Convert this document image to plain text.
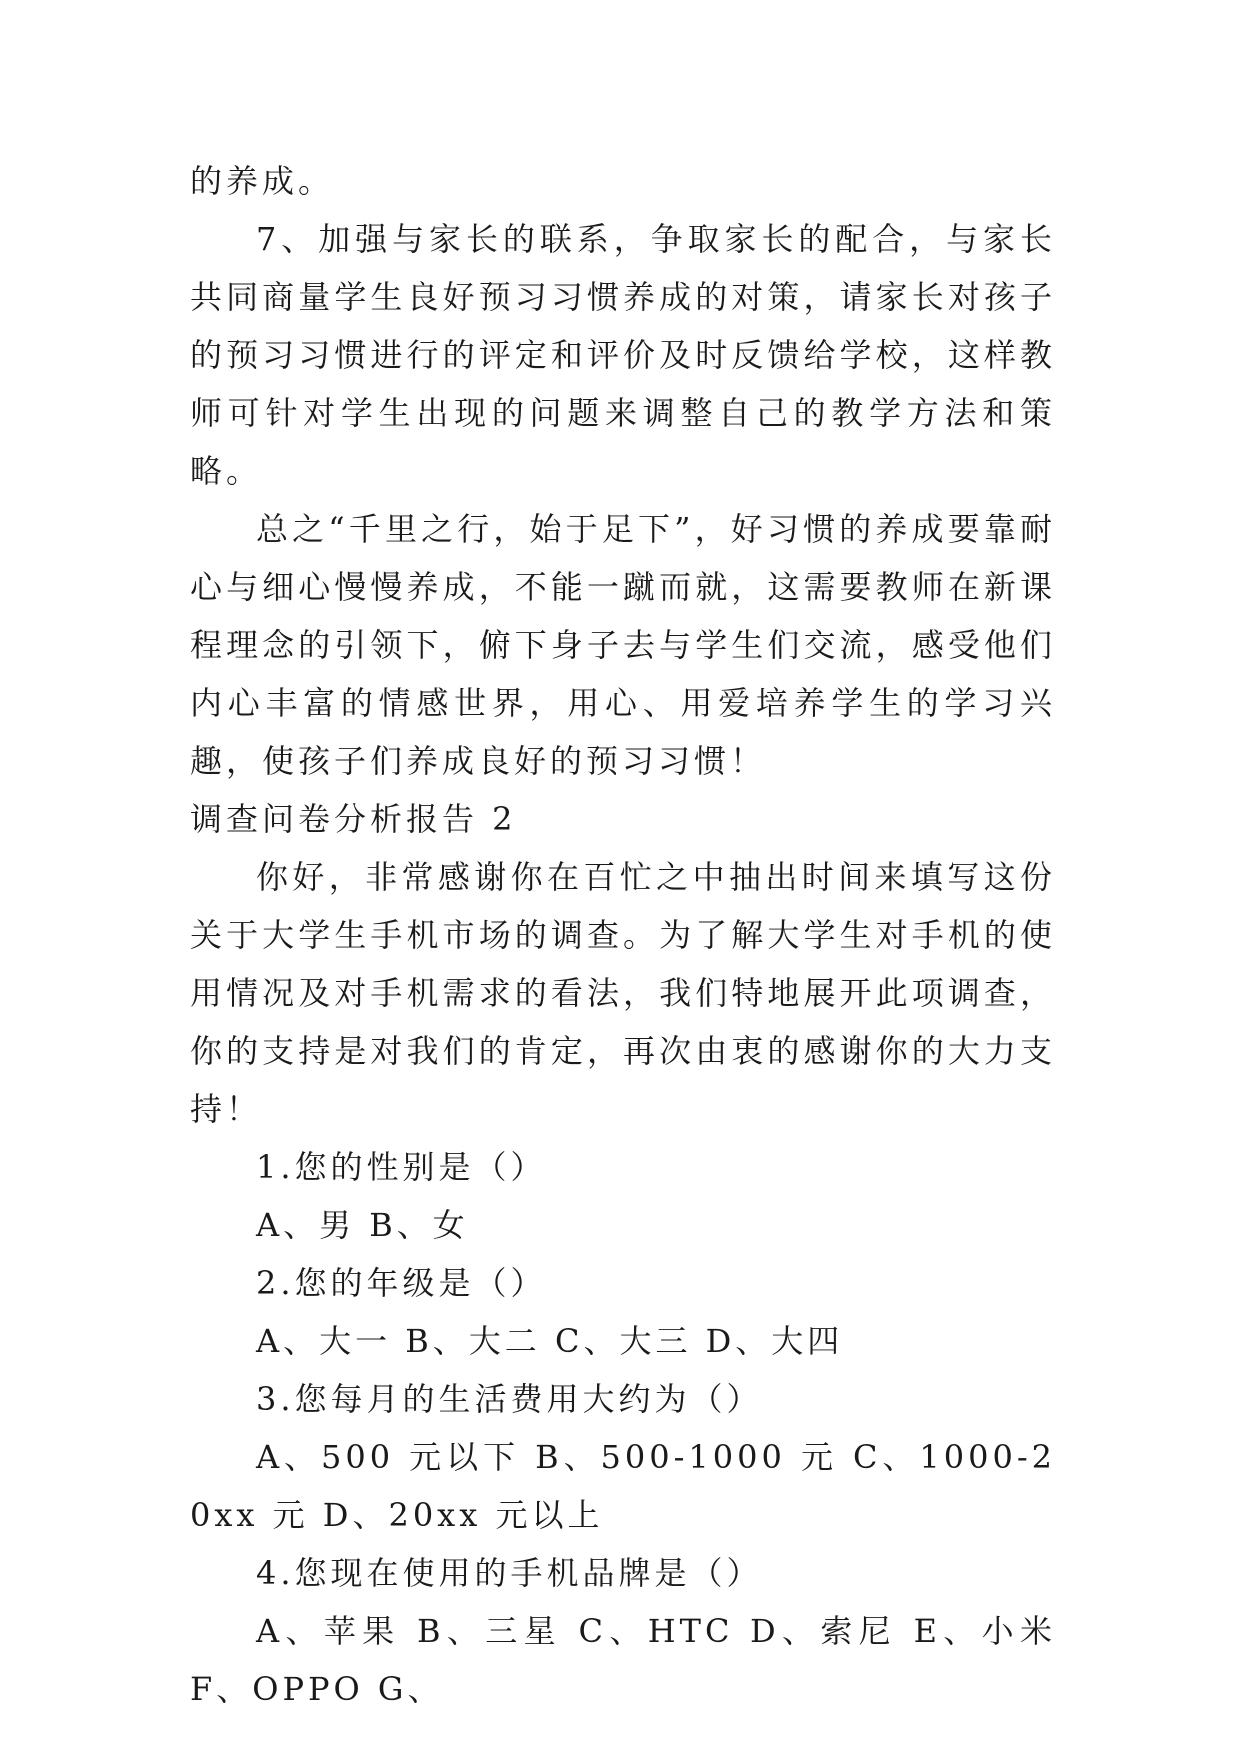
的养成。

7、加强与家长的联系，争取家长的配合，与家长共同商量学生良好预习习惯养成的对策，请家长对孩子的预习习惯进行的评定和评价及时反馈给学校，这样教师可针对学生出现的问题来调整自己的教学方法和策略。

总之“千里之行，始于足下”，好习惯的养成要靠耐心与细心慢慢养成，不能一蹴而就，这需要教师在新课程理念的引领下，俯下身子去与学生们交流，感受他们内心丰富的情感世界，用心、用爱培养学生的学习兴趣，使孩子们养成良好的预习习惯！

调查问卷分析报告 2

你好，非常感谢你在百忙之中抽出时间来填写这份关于大学生手机市场的调查。为了解大学生对手机的使用情况及对手机需求的看法，我们特地展开此项调查，你的支持是对我们的肯定，再次由衷的感谢你的大力支持！

1.您的性别是（）

A、男 B、女

2.您的年级是（）

A、大一 B、大二 C、大三 D、大四

3.您每月的生活费用大约为（）

A、500 元以下 B、500-1000 元 C、1000-20xx 元 D、20xx 元以上

4.您现在使用的手机品牌是（）

A、苹果 B、三星 C、HTC D、索尼 E、小米 F、OPPO G、
